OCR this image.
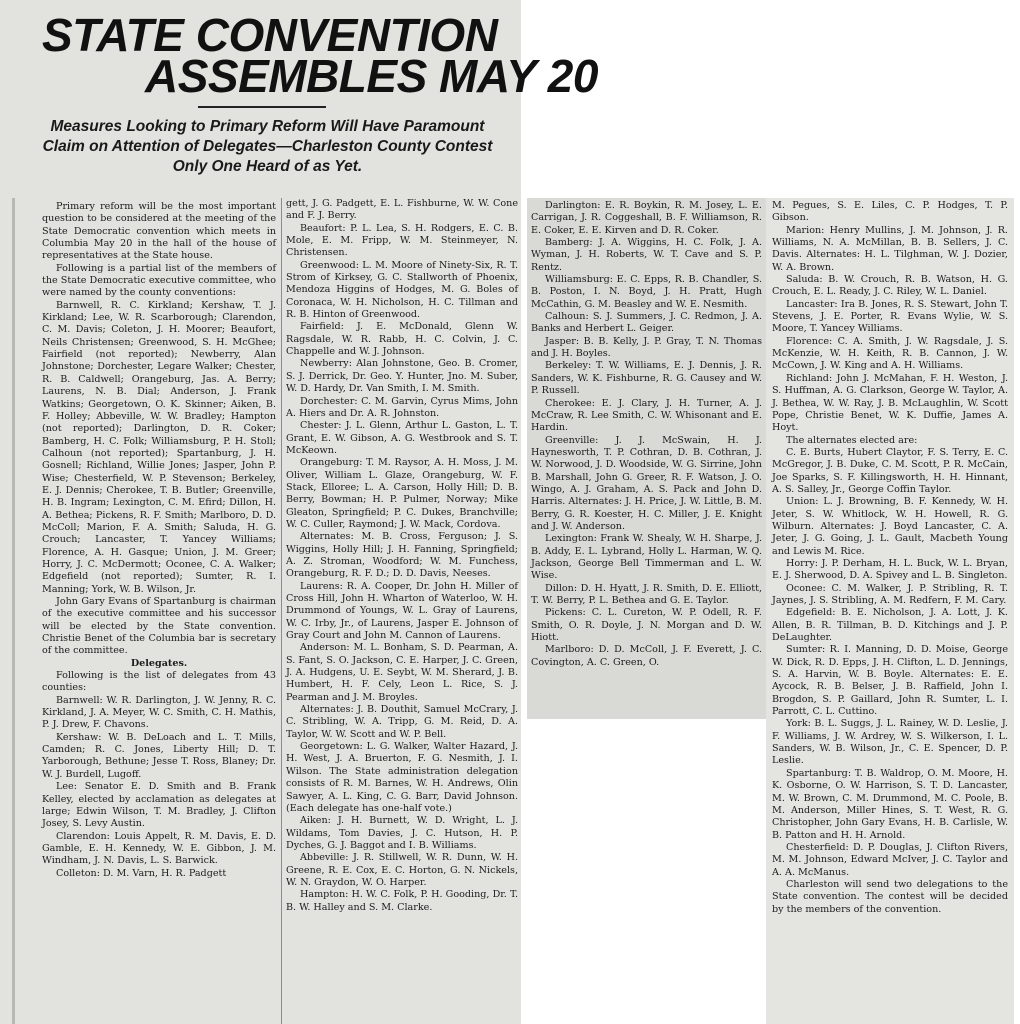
STATE CONVENTION
ASSEMBLES MAY 20
Measures Looking to Primary Reform Will Have Paramount Claim on Attention of Delegates—Charleston County Contest Only One Heard of as Yet.

Primary reform will be the most important question to be considered at the meeting of the State Democratic convention which meets in Columbia May 20 in the hall of the house of representatives at the State house.

Following is a partial list of the members of the State Democratic executive committee, who were named by the county conventions:

Barnwell, R. C. Kirkland; Kershaw, T. J. Kirkland; Lee, W. R. Scarborough; Clarendon, C. M. Davis; Coleton, J. H. Moorer; Beaufort, Neils Christensen; Greenwood, S. H. McGhee; Fairfield (not reported); Newberry, Alan Johnstone; Dorchester, Legare Walker; Chester, R. B. Caldwell; Orangeburg, Jas. A. Berry; Laurens, N. B. Dial; Anderson, J. Frank Watkins; Georgetown, O. K. Skinner; Aiken, B. F. Holley; Abbeville, W. W. Bradley; Hampton (not reported); Darlington, D. R. Coker; Bamberg, H. C. Folk; Williamsburg, P. H. Stoll; Calhoun (not reported); Spartanburg, J. H. Gosnell; Richland, Willie Jones; Jasper, John P. Wise; Chesterfield, W. P. Stevenson; Berkeley, E. J. Dennis; Cherokee, T. B. Butler; Greenville, H. B. Ingram; Lexington, C. M. Efird; Dillon, H. A. Bethea; Pickens, R. F. Smith; Marlboro, D. D. McColl; Marion, F. A. Smith; Saluda, H. G. Crouch; Lancaster, T. Yancey Williams; Florence, A. H. Gasque; Union, J. M. Greer; Horry, J. C. McDermott; Oconee, C. A. Walker; Edgefield (not reported); Sumter, R. I. Manning; York, W. B. Wilson, Jr.

John Gary Evans of Spartanburg is chairman of the executive committee and his successor will be elected by the State convention. Christie Benet of the Columbia bar is secretary of the committee.

Delegates.

Following is the list of delegates from 43 counties:

Barnwell: W. R. Darlington, J. W. Jenny, R. C. Kirkland, J. A. Meyer, W. C. Smith, C. H. Mathis, P. J. Drew, F. Chavons.

Kershaw: W. B. DeLoach and L. T. Mills, Camden; R. C. Jones, Liberty Hill; D. T. Yarborough, Bethune; Jesse T. Ross, Blaney; Dr. W. J. Burdell, Lugoff.

Lee: Senator E. D. Smith and B. Frank Kelley, elected by acclamation as delegates at large; Edwin Wilson, T. M. Bradley, J. Clifton Josey, S. Levy Austin.

Clarendon: Louis Appelt, R. M. Davis, E. D. Gamble, E. H. Kennedy, W. E. Gibbon, J. M. Windham, J. N. Davis, L. S. Barwick.

Colleton: D. M. Varn, H. R. Padgett

gett, J. G. Padgett, E. L. Fishburne, W. W. Cone and F. J. Berry.

Beaufort: P. L. Lea, S. H. Rodgers, E. C. B. Mole, E. M. Fripp, W. M. Steinmeyer, N. Christensen.

Greenwood: L. M. Moore of Ninety-Six, R. T. Strom of Kirksey, G. C. Stallworth of Phoenix, Mendoza Higgins of Hodges, M. G. Boles of Coronaca, W. H. Nicholson, H. C. Tillman and R. B. Hinton of Greenwood.

Fairfield: J. E. McDonald, Glenn W. Ragsdale, W. R. Rabb, H. C. Colvin, J. C. Chappelle and W. J. Johnson.

Newberry: Alan Johnstone, Geo. B. Cromer, S. J. Derrick, Dr. Geo. Y. Hunter, Jno. M. Suber, W. D. Hardy, Dr. Van Smith, I. M. Smith.

Dorchester: C. M. Garvin, Cyrus Mims, John A. Hiers and Dr. A. R. Johnston.

Chester: J. L. Glenn, Arthur L. Gaston, L. T. Grant, E. W. Gibson, A. G. Westbrook and S. T. McKeown.

Orangeburg: T. M. Raysor, A. H. Moss, J. M. Oliver, William L. Glaze, Orangeburg, W. F. Stack, Elloree; L. A. Carson, Holly Hill; D. B. Berry, Bowman; H. P. Pulmer, Norway; Mike Gleaton, Springfield; P. C. Dukes, Branchville; W. C. Culler, Raymond; J. W. Mack, Cordova.

Alternates: M. B. Cross, Ferguson; J. S. Wiggins, Holly Hill; J. H. Fanning, Springfield; A. Z. Stroman, Woodford; W. M. Funchess, Orangeburg, R. F. D.; D. D. Davis, Neeses.

Laurens: R. A. Cooper, Dr. John H. Miller of Cross Hill, John H. Wharton of Waterloo, W. H. Drummond of Youngs, W. L. Gray of Laurens, W. C. Irby, Jr., of Laurens, Jasper E. Johnson of Gray Court and John M. Cannon of Laurens.

Anderson: M. L. Bonham, S. D. Pearman, A. S. Fant, S. O. Jackson, C. E. Harper, J. C. Green, J. A. Hudgens, U. E. Seybt, W. M. Sherard, J. B. Humbert, H. F. Cely, Leon L. Rice, S. J. Pearman and J. M. Broyles.

Alternates: J. B. Douthit, Samuel McCrary, J. C. Stribling, W. A. Tripp, G. M. Reid, D. A. Taylor, W. W. Scott and W. P. Bell.

Georgetown: L. G. Walker, Walter Hazard, J. H. West, J. A. Bruerton, F. G. Nesmith, J. I. Wilson. The State administration delegation consists of R. M. Barnes, W. H. Andrews, Olin Sawyer, A. L. King, C. G. Barr, David Johnson. (Each delegate has one-half vote.)

Aiken: J. H. Burnett, W. D. Wright, L. J. Wildams, Tom Davies, J. C. Hutson, H. P. Dyches, G. J. Baggot and I. B. Williams.

Abbeville: J. R. Stillwell, W. R. Dunn, W. H. Greene, R. E. Cox, E. C. Horton, G. N. Nickels, W. N. Graydon, W. O. Harper.

Hampton: H. W. C. Folk, P. H. Gooding, Dr. T. B. W. Halley and S. M. Clarke.

Darlington: E. R. Boykin, R. M. Josey, L. E. Carrigan, J. R. Coggeshall, B. F. Williamson, R. E. Coker, E. E. Kirven and D. R. Coker.

Bamberg: J. A. Wiggins, H. C. Folk, J. A. Wyman, J. H. Roberts, W. T. Cave and S. P. Rentz.

Williamsburg: E. C. Epps, R. B. Chandler, S. B. Poston, I. N. Boyd, J. H. Pratt, Hugh McCathin, G. M. Beasley and W. E. Nesmith.

Calhoun: S. J. Summers, J. C. Redmon, J. A. Banks and Herbert L. Geiger.

Jasper: B. B. Kelly, J. P. Gray, T. N. Thomas and J. H. Boyles.

Berkeley: T. W. Williams, E. J. Dennis, J. R. Sanders, W. K. Fishburne, R. G. Causey and W. P. Russell.

Cherokee: E. J. Clary, J. H. Turner, A. J. McCraw, R. Lee Smith, C. W. Whisonant and E. Hardin.

Greenville: J. J. McSwain, H. J. Haynesworth, T. P. Cothran, D. B. Cothran, J. W. Norwood, J. D. Woodside, W. G. Sirrine, John B. Marshall, John G. Greer, R. F. Watson, J. O. Wingo, A. J. Graham, A. S. Pack and John D. Harris. Alternates: J. H. Price, J. W. Little, B. M. Berry, G. R. Koester, H. C. Miller, J. E. Knight and J. W. Anderson.

Lexington: Frank W. Shealy, W. H. Sharpe, J. B. Addy, E. L. Lybrand, Holly L. Harman, W. Q. Jackson, George Bell Timmerman and L. W. Wise.

Dillon: D. H. Hyatt, J. R. Smith, D. E. Elliott, T. W. Berry, P. L. Bethea and G. E. Taylor.

Pickens: C. L. Cureton, W. P. Odell, R. F. Smith, O. R. Doyle, J. N. Morgan and D. W. Hiott.

Marlboro: D. D. McColl, J. F. Everett, J. C. Covington, A. C. Green, O.

M. Pegues, S. E. Liles, C. P. Hodges, T. P. Gibson.

Marion: Henry Mullins, J. M. Johnson, J. R. Williams, N. A. McMillan, B. B. Sellers, J. C. Davis. Alternates: H. L. Tilghman, W. J. Dozier, W. A. Brown.

Saluda: B. W. Crouch, R. B. Watson, H. G. Crouch, E. L. Ready, J. C. Riley, W. L. Daniel.

Lancaster: Ira B. Jones, R. S. Stewart, John T. Stevens, J. E. Porter, R. Evans Wylie, W. S. Moore, T. Yancey Williams.

Florence: C. A. Smith, J. W. Ragsdale, J. S. McKenzie, W. H. Keith, R. B. Cannon, J. W. McCown, J. W. King and A. H. Williams.

Richland: John J. McMahan, F. H. Weston, J. S. Huffman, A. G. Clarkson, George W. Taylor, A. J. Bethea, W. W. Ray, J. B. McLaughlin, W. Scott Pope, Christie Benet, W. K. Duffie, James A. Hoyt.

The alternates elected are:

C. E. Burts, Hubert Claytor, F. S. Terry, E. C. McGregor, J. B. Duke, C. M. Scott, P. R. McCain, Joe Sparks, S. F. Killingsworth, H. H. Hinnant, A. S. Salley, Jr., George Coffin Taylor.

Union: L. J. Browning, B. F. Kennedy, W. H. Jeter, S. W. Whitlock, W. H. Howell, R. G. Wilburn. Alternates: J. Boyd Lancaster, C. A. Jeter, J. G. Going, J. L. Gault, Macbeth Young and Lewis M. Rice.

Horry: J. P. Derham, H. L. Buck, W. L. Bryan, E. J. Sherwood, D. A. Spivey and L. B. Singleton.

Oconee: C. M. Walker, J. P. Stribling, R. T. Jaynes, J. S. Stribling, A. M. Redfern, F. M. Cary.

Edgefield: B. E. Nicholson, J. A. Lott, J. K. Allen, B. R. Tillman, B. D. Kitchings and J. P. DeLaughter.

Sumter: R. I. Manning, D. D. Moise, George W. Dick, R. D. Epps, J. H. Clifton, L. D. Jennings, S. A. Harvin, W. B. Boyle. Alternates: E. E. Aycock, R. B. Belser, J. B. Raffield, John I. Brogdon, S. P. Gaillard, John R. Sumter, L. I. Parrott, C. L. Cuttino.

York: B. L. Suggs, J. L. Rainey, W. D. Leslie, J. F. Williams, J. W. Ardrey, W. S. Wilkerson, I. L. Sanders, W. B. Wilson, Jr., C. E. Spencer, D. P. Leslie.

Spartanburg: T. B. Waldrop, O. M. Moore, H. K. Osborne, O. W. Harrison, S. T. D. Lancaster, M. W. Brown, C. M. Drummond, M. C. Poole, B. M. Anderson, Miller Hines, S. T. West, R. G. Christopher, John Gary Evans, H. B. Carlisle, W. B. Patton and H. H. Arnold.

Chesterfield: D. P. Douglas, J. Clifton Rivers, M. M. Johnson, Edward McIver, J. C. Taylor and A. A. McManus.

Charleston will send two delegations to the State convention. The contest will be decided by the members of the convention.
